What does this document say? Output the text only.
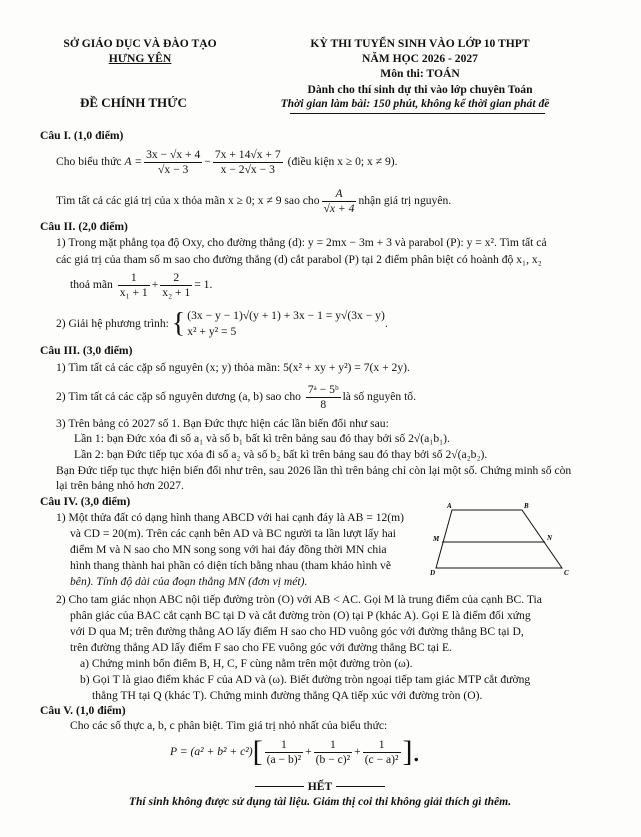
SỞ GIÁO DỤC VÀ ĐÀO TẠO
HƯNG YÊN
ĐỀ CHÍNH THỨC
KỲ THI TUYỂN SINH VÀO LỚP 10 THPT
NĂM HỌC 2026 - 2027
Môn thi: TOÁN
Dành cho thí sinh dự thi vào lớp chuyên Toán
Thời gian làm bài: 150 phút, không kể thời gian phát đề
Câu I. (1,0 điểm)
Cho biểu thức
$A = \frac{3x - √x + 4}{√x - 3} - \frac{7x + 14√x + 7}{x - 2√x - 3}$
(điều kiện x ≥ 0; x ≠ 9).
Tìm tất cả các giá trị của x thỏa mãn x ≥ 0; x ≠ 9 sao cho $\frac{A}{√x + 4}$ nhận giá trị nguyên.
Câu II. (2,0 điểm)
1) Trong mặt phẳng tọa độ Oxy, cho đường thẳng (d): y = 2mx − 3m + 3 và parabol (P): y = x². Tìm tất cả
các giá trị của tham số m sao cho đường thẳng (d) cắt parabol (P) tại 2 điểm phân biệt có hoành độ x₁, x₂
thoả mãn
$\frac{1}{\text{x₁ + 1}} + \frac{2}{\text{x₂ + 1}} = 1$.
2) Giải hệ phương trình:
{ (3x − y − 1)√(y + 1) + 3x − 1 = y√(3x − y)
x² + y² = 5
.
Câu III. (3,0 điểm)
1) Tìm tất cả các cặp số nguyên (x; y) thỏa mãn: 5(x² + xy + y²) = 7(x + 2y).
2) Tìm tất cả các cặp số nguyên dương (a, b) sao cho
$\frac{\text{7ᵃ − 5ᵇ}}{8}$ là số nguyên tố.
3) Trên bảng có 2027 số 1. Bạn Đức thực hiện các lần biến đổi như sau:
Lần 1: bạn Đức xóa đi số a₁ và số b₁ bất kì trên bảng sau đó thay bởi số 2√(a₁b₁).
Lần 2: bạn Đức tiếp tục xóa đi số a₂ và số b₂ bất kì trên bảng sau đó thay bởi số 2√(a₂b₂).
Bạn Đức tiếp tục thực hiện biến đổi như trên, sau 2026 lần thì trên bảng chỉ còn lại một số. Chứng minh số còn
lại trên bảng nhỏ hơn 2027.
Câu IV. (3,0 điểm)
1) Một thửa đất có dạng hình thang ABCD với hai cạnh đáy là AB = 12(m)
và CD = 20(m). Trên các cạnh bên AD và BC người ta lần lượt lấy hai
điểm M và N sao cho MN song song với hai đáy đồng thời MN chia
hình thang thành hai phần có diện tích bằng nhau (tham khảo hình vẽ
bên). Tính độ dài của đoạn thẳng MN (đơn vị mét).
A	B
C
D
M	N
2) Cho tam giác nhọn ABC nội tiếp đường tròn (O) với AB < AC. Gọi M là trung điểm của cạnh BC. Tia
phân giác của BAC cắt cạnh BC tại D và cắt đường tròn (O) tại P (khác A). Gọi E là điểm đối xứng
với D qua M; trên đường thẳng AO lấy điểm H sao cho HD vuông góc với đường thẳng BC tại D,
trên đường thẳng AD lấy điểm F sao cho FE vuông góc với đường thẳng BC tại E.
a) Chứng minh bốn điểm B, H, C, F cùng nằm trên một đường tròn (ω).
b) Gọi T là giao điểm khác F của AD và (ω). Biết đường tròn ngoại tiếp tam giác MTP cắt đường
thẳng TH tại Q (khác T). Chứng minh đường thẳng QA tiếp xúc với đường tròn (O).
Câu V. (1,0 điểm)
Cho các số thực a, b, c phân biệt. Tìm giá trị nhỏ nhất của biểu thức:
P = (a² + b² + c²) [ $\frac{1}{\text{(a − b)²}} + \frac{1}{\text{(b − c)²}} + \frac{1}{\text{(c − a)²}}$ ].
HẾT
Thí sinh không được sử dụng tài liệu. Giám thị coi thi không giải thích gì thêm.
